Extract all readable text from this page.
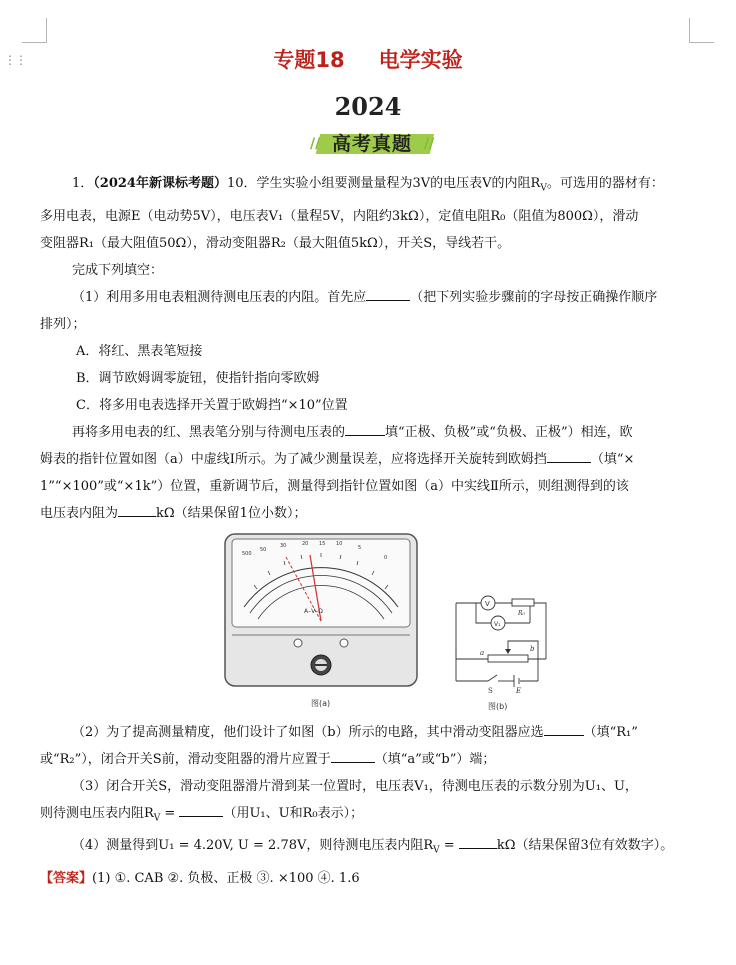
⋮⋮	专题18 电学实验
2024
//	//
高考真题

1．（2024年新课标考题）10．学生实验小组要测量量程为3V的电压表V的内阻$R_V$。可选用的器材有：

多用电表，电源E（电动势5V），电压表V₁（量程5V，内阻约3kΩ），定值电阻R₀（阻值为800Ω），滑动

变阻器R₁（最大阻值50Ω），滑动变阻器R₂（最大阻值5kΩ），开关S，导线若干。

完成下列填空：

（1）利用多用电表粗测待测电压表的内阻。首先应	（把下列实验步骤前的字母按正确操作顺序

排列）；

A．将红、黑表笔短接

B．调节欧姆调零旋钮，使指针指向零欧姆

C．将多用电表选择开关置于欧姆挡“×10”位置

再将多用电表的红、黑表笔分别与待测电压表的	填“正极、负极”或“负极、正极”）相连，欧

姆表的指针位置如图（a）中虚线Ⅰ所示。为了减少测量误差，应将选择开关旋转到欧姆挡	（填“×

1”“×100”或“×1k”）位置，重新调节后，测量得到指针位置如图（a）中实线Ⅱ所示，则组测得到的该

电压表内阻为	kΩ（结果保留1位小数）；

500
50
30	20 15 10
5
0
A–V–Ω
图(a)
V
V₁
R₀
a	b
S	E
图(b)

（2）为了提高测量精度，他们设计了如图（b）所示的电路，其中滑动变阻器应选	（填“R₁”

或“R₂”），闭合开关S前，滑动变阻器的滑片应置于	（填“a”或“b”）端；

（3）闭合开关S，滑动变阻器滑片滑到某一位置时，电压表V₁，待测电压表的示数分别为U₁、U，

则待测电压表内阻$R_V$ =	（用U₁、U和R₀表示）；

（4）测量得到U₁ = 4.20V, U = 2.78V，则待测电压表内阻$R_V$ =	kΩ（结果保留3位有效数字）。

【答案】(1) ①. CAB ②. 负极、正极 ③. ×100 ④. 1.6
